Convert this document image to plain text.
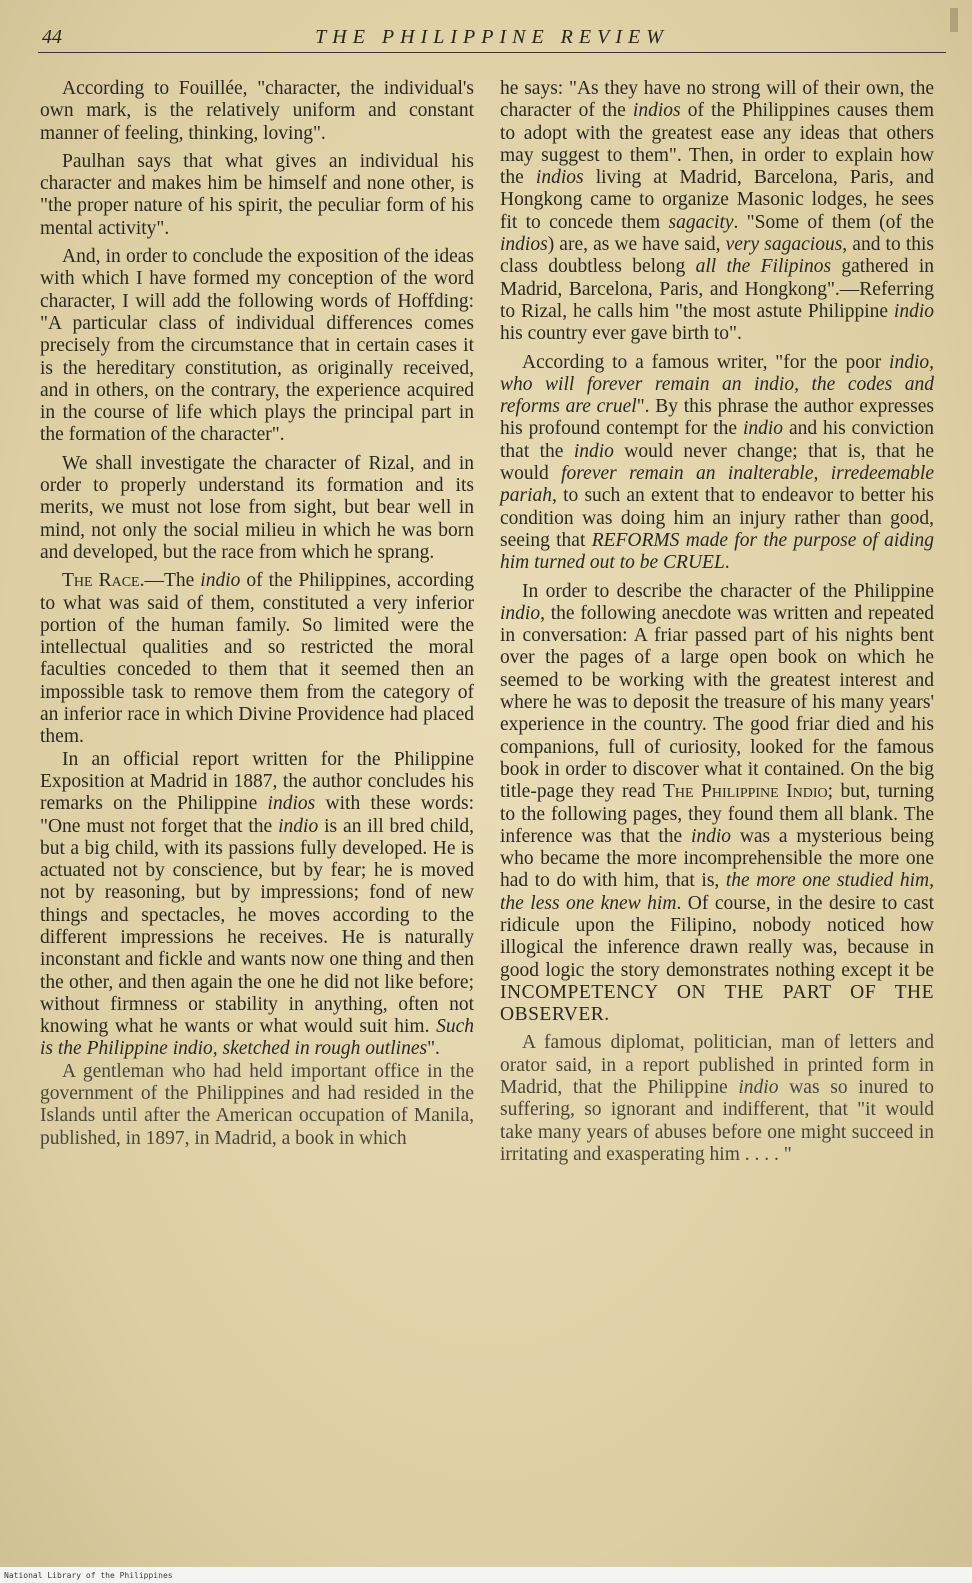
44	THE PHILIPPINE REVIEW

According to Fouillée, "character, the individual's own mark, is the relatively uniform and constant manner of feeling, thinking, loving".

Paulhan says that what gives an individual his character and makes him be himself and none other, is "the proper nature of his spirit, the peculiar form of his mental activity".

And, in order to conclude the exposition of the ideas with which I have formed my conception of the word character, I will add the following words of Hoffding: "A particular class of individual differences comes precisely from the circumstance that in certain cases it is the hereditary constitution, as originally received, and in others, on the contrary, the experience acquired in the course of life which plays the principal part in the formation of the character".

We shall investigate the character of Rizal, and in order to properly understand its formation and its merits, we must not lose from sight, but bear well in mind, not only the social milieu in which he was born and developed, but the race from which he sprang.

The Race.—The indio of the Philippines, according to what was said of them, constituted a very inferior portion of the human family. So limited were the intellectual qualities and so restricted the moral faculties conceded to them that it seemed then an impossible task to remove them from the category of an inferior race in which Divine Providence had placed them.

In an official report written for the Philippine Exposition at Madrid in 1887, the author concludes his remarks on the Philippine indios with these words: "One must not forget that the indio is an ill bred child, but a big child, with its passions fully developed. He is actuated not by conscience, but by fear; he is moved not by reasoning, but by impressions; fond of new things and spectacles, he moves according to the different impressions he receives. He is naturally inconstant and fickle and wants now one thing and then the other, and then again the one he did not like before; without firmness or stability in anything, often not knowing what he wants or what would suit him. Such is the Philippine indio, sketched in rough outlines".

A gentleman who had held important office in the government of the Philippines and had resided in the Islands until after the American occupation of Manila, published, in 1897, in Madrid, a book in which

he says: "As they have no strong will of their own, the character of the indios of the Philippines causes them to adopt with the greatest ease any ideas that others may suggest to them". Then, in order to explain how the indios living at Madrid, Barcelona, Paris, and Hongkong came to organize Masonic lodges, he sees fit to concede them sagacity. "Some of them (of the indios) are, as we have said, very sagacious, and to this class doubtless belong all the Filipinos gathered in Madrid, Barcelona, Paris, and Hongkong".—Referring to Rizal, he calls him "the most astute Philippine indio his country ever gave birth to".

According to a famous writer, "for the poor indio, who will forever remain an indio, the codes and reforms are cruel". By this phrase the author expresses his profound contempt for the indio and his conviction that the indio would never change; that is, that he would forever remain an inalterable, irredeemable pariah, to such an extent that to endeavor to better his condition was doing him an injury rather than good, seeing that REFORMS made for the purpose of aiding him turned out to be CRUEL.

In order to describe the character of the Philippine indio, the following anecdote was written and repeated in conversation: A friar passed part of his nights bent over the pages of a large open book on which he seemed to be working with the greatest interest and where he was to deposit the treasure of his many years' experience in the country. The good friar died and his companions, full of curiosity, looked for the famous book in order to discover what it contained. On the big title-page they read The Philippine Indio; but, turning to the following pages, they found them all blank. The inference was that the indio was a mysterious being who became the more incomprehensible the more one had to do with him, that is, the more one studied him, the less one knew him. Of course, in the desire to cast ridicule upon the Filipino, nobody noticed how illogical the inference drawn really was, because in good logic the story demonstrates nothing except it be INCOMPETENCY ON THE PART OF THE OBSERVER.

A famous diplomat, politician, man of letters and orator said, in a report published in printed form in Madrid, that the Philippine indio was so inured to suffering, so ignorant and indifferent, that "it would take many years of abuses before one might succeed in irritating and exasperating him . . . . "

National Library of the Philippines
